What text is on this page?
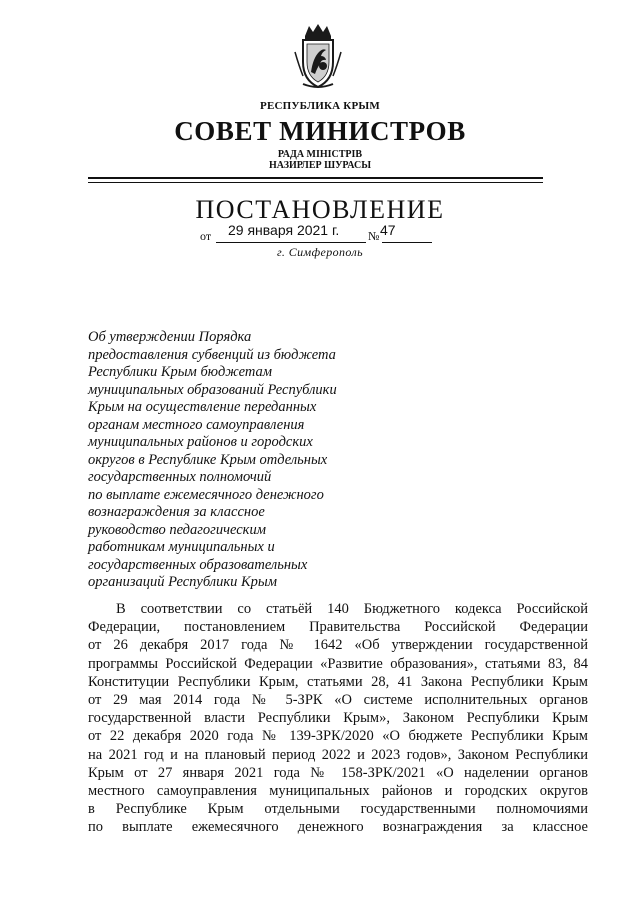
РЕСПУБЛИКА КРЫМ
СОВЕТ МИНИСТРОВ
РАДА МІНІСТРІВ
НАЗИРЛЕР ШУРАСЫ
ПОСТАНОВЛЕНИЕ
от 29 января 2021 г. № 47
г. Симферополь
Об утверждении Порядка
предоставления субвенций из бюджета
Республики Крым бюджетам
муниципальных образований Республики
Крым на осуществление переданных
органам местного самоуправления
муниципальных районов и городских
округов в Республике Крым отдельных
государственных полномочий
по выплате ежемесячного денежного
вознаграждения за классное
руководство педагогическим
работникам муниципальных и
государственных образовательных
организаций Республики Крым
В соответствии со статьёй 140 Бюджетного кодекса Российской
Федерации, постановлением Правительства Российской Федерации
от 26 декабря 2017 года № 1642 «Об утверждении государственной
программы Российской Федерации «Развитие образования», статьями 83, 84
Конституции Республики Крым, статьями 28, 41 Закона Республики Крым
от 29 мая 2014 года № 5-ЗРК «О системе исполнительных органов
государственной власти Республики Крым», Законом Республики Крым
от 22 декабря 2020 года № 139-ЗРК/2020 «О бюджете Республики Крым
на 2021 год и на плановый период 2022 и 2023 годов», Законом Республики
Крым от 27 января 2021 года № 158-ЗРК/2021 «О наделении органов
местного самоуправления муниципальных районов и городских округов
в Республике Крым отдельными государственными полномочиями
по выплате ежемесячного денежного вознаграждения за классное
